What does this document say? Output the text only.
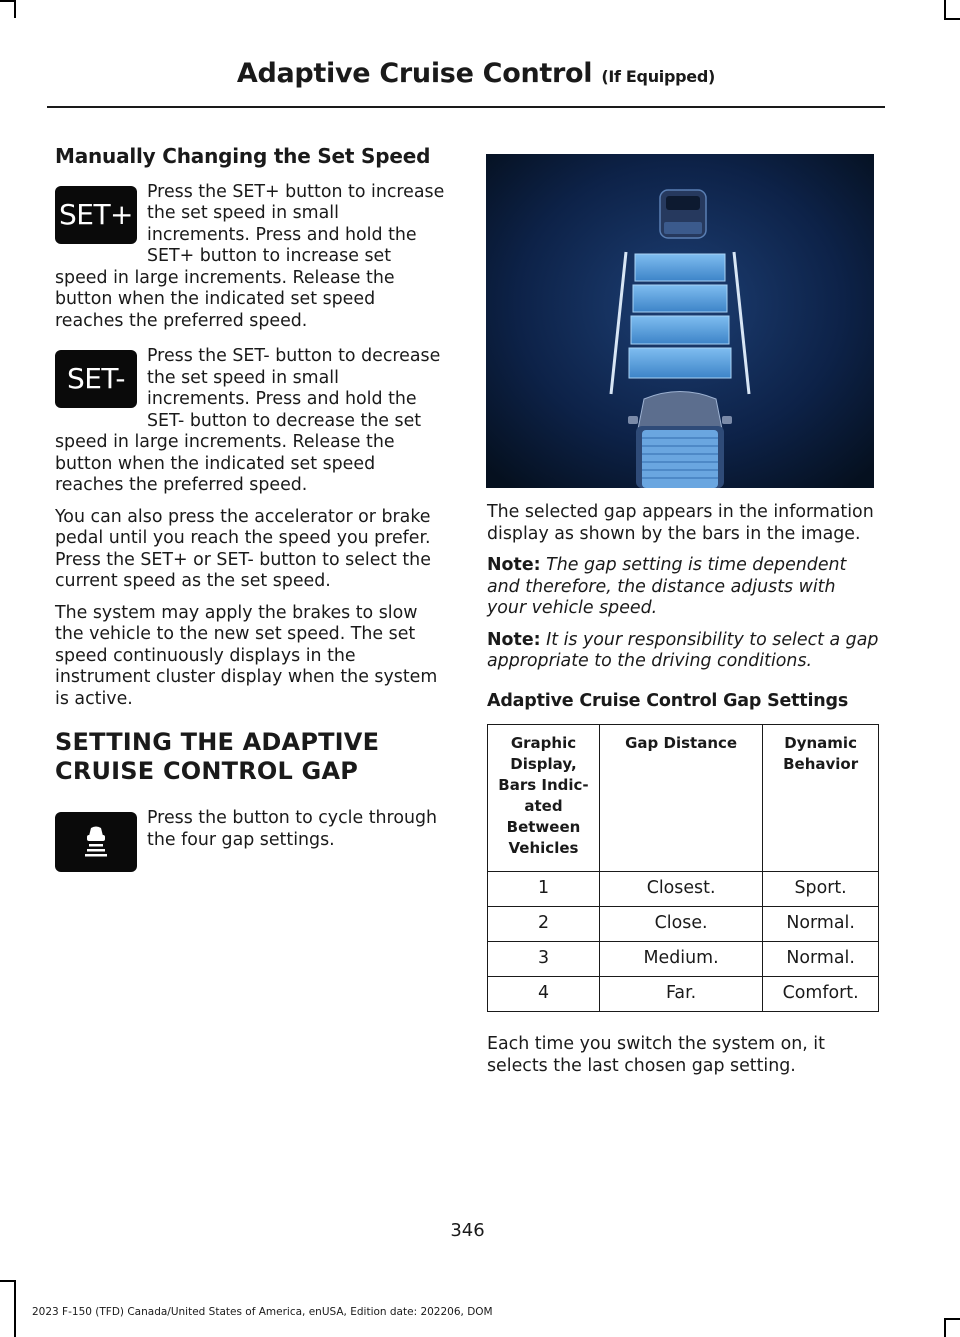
Adaptive Cruise Control (If Equipped)
Manually Changing the Set Speed
SET+

Press the SET+ button to increase the set speed in small increments. Press and hold the SET+ button to increase set speed in large increments. Release the button when the indicated set speed reaches the preferred speed.

SET-

Press the SET- button to decrease the set speed in small increments. Press and hold the SET- button to decrease the set speed in large increments. Release the button when the indicated set speed reaches the preferred speed.

You can also press the accelerator or brake pedal until you reach the speed you prefer. Press the SET+ or SET- button to select the current speed as the set speed.

The system may apply the brakes to slow the vehicle to the new set speed. The set speed continuously displays in the instrument cluster display when the system is active.

SETTING THE ADAPTIVE CRUISE CONTROL GAP

Press the button to cycle through the four gap settings.

The selected gap appears in the information display as shown by the bars in the image.

Note: The gap setting is time dependent and therefore, the distance adjusts with your vehicle speed.

Note: It is your responsibility to select a gap appropriate to the driving conditions.

Adaptive Cruise Control Gap Settings
Graphic Display, Bars Indic-ated Between Vehicles	Gap Distance	Dynamic Behavior
1	Closest.	Sport.
2	Close.	Normal.
3	Medium.	Normal.
4	Far.	Comfort.

Each time you switch the system on, it selects the last chosen gap setting.

346
2023 F-150 (TFD) Canada/United States of America, enUSA, Edition date: 202206, DOM
